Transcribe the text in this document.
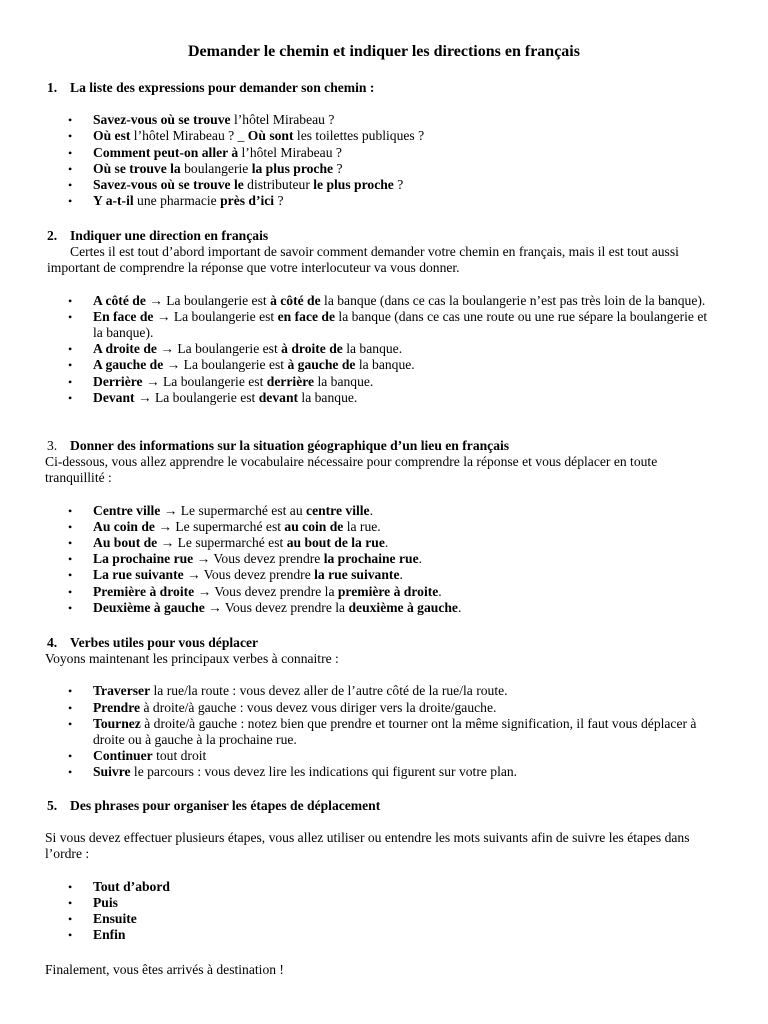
Demander le chemin et indiquer les directions en français

1. La liste des expressions pour demander son chemin :

• Savez-vous où se trouve l’hôtel Mirabeau ?
• Où est l’hôtel Mirabeau ? _ Où sont les toilettes publiques ?
• Comment peut-on aller à l’hôtel Mirabeau ?
• Où se trouve la boulangerie la plus proche ?
• Savez-vous où se trouve le distributeur le plus proche ?
• Y a-t-il une pharmacie près d’ici ?

2. Indiquer une direction en français

Certes il est tout d’abord important de savoir comment demander votre chemin en français, mais il est tout aussi important de comprendre la réponse que votre interlocuteur va vous donner.

• A côté de → La boulangerie est à côté de la banque (dans ce cas la boulangerie n’est pas très loin de la banque).
• En face de → La boulangerie est en face de la banque (dans ce cas une route ou une rue sépare la boulangerie et la banque).
• A droite de → La boulangerie est à droite de la banque.
• A gauche de → La boulangerie est à gauche de la banque.
• Derrière → La boulangerie est derrière la banque.
• Devant → La boulangerie est devant la banque.

3. Donner des informations sur la situation géographique d’un lieu en français

Ci-dessous, vous allez apprendre le vocabulaire nécessaire pour comprendre la réponse et vous déplacer en toute tranquillité :

• Centre ville → Le supermarché est au centre ville.
• Au coin de → Le supermarché est au coin de la rue.
• Au bout de → Le supermarché est au bout de la rue.
• La prochaine rue → Vous devez prendre la prochaine rue.
• La rue suivante → Vous devez prendre la rue suivante.
• Première à droite → Vous devez prendre la première à droite.
• Deuxième à gauche → Vous devez prendre la deuxième à gauche.

4. Verbes utiles pour vous déplacer

Voyons maintenant les principaux verbes à connaitre :

• Traverser la rue/la route : vous devez aller de l’autre côté de la rue/la route.
• Prendre à droite/à gauche : vous devez vous diriger vers la droite/gauche.
• Tournez à droite/à gauche : notez bien que prendre et tourner ont la même signification, il faut vous déplacer à droite ou à gauche à la prochaine rue.
• Continuer tout droit
• Suivre le parcours : vous devez lire les indications qui figurent sur votre plan.

5. Des phrases pour organiser les étapes de déplacement

Si vous devez effectuer plusieurs étapes, vous allez utiliser ou entendre les mots suivants afin de suivre les étapes dans l’ordre :

• Tout d’abord
• Puis
• Ensuite
• Enfin

Finalement, vous êtes arrivés à destination !
